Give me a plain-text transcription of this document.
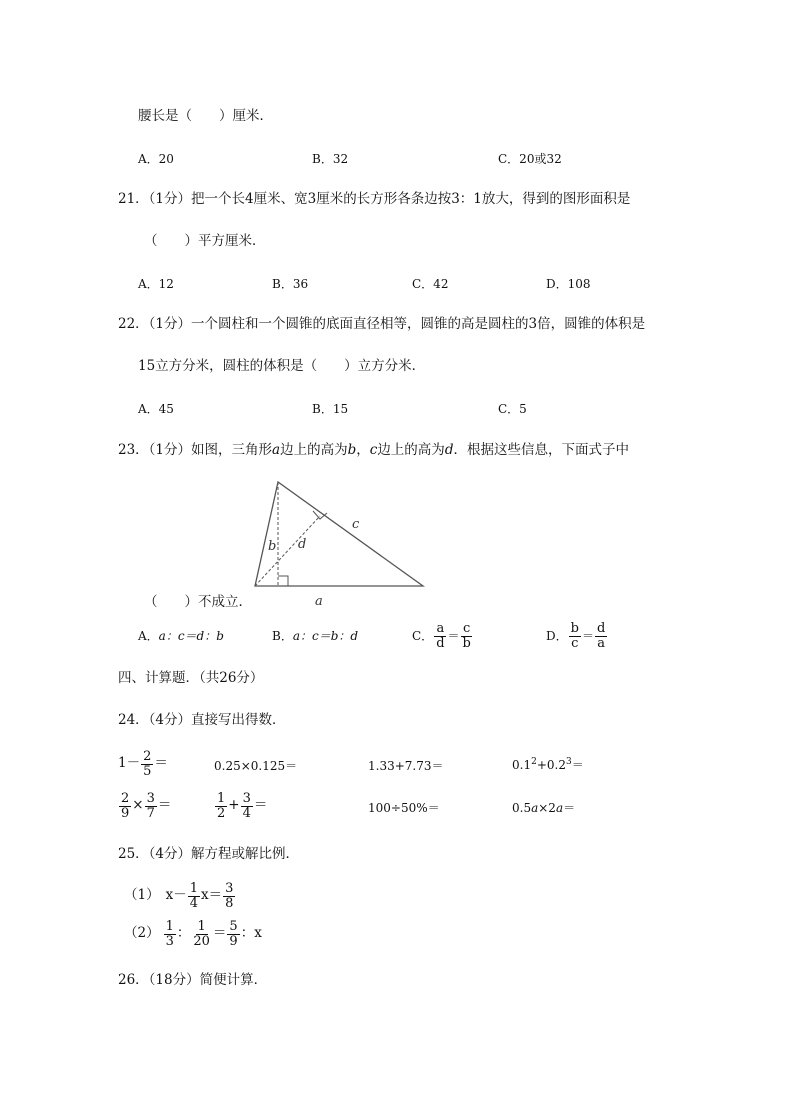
腰长是（　　）厘米．
A．20	B．32	C．20或32
21．（1分）把一个长4厘米、宽3厘米的长方形各条边按3：1放大，得到的图形面积是
（　　）平方厘米．
A．12	B．36	C．42	D．108
22．（1分）一个圆柱和一个圆锥的底面直径相等，圆锥的高是圆柱的3倍，圆锥的体积是
15立方分米，圆柱的体积是（　　）立方分米．
A．45	B．15	C．5
23．（1分）如图，三角形a边上的高为b，c边上的高为d．根据这些信息，下面式子中
b d
c
a
（　　）不成立．
A．a：c＝d：b	B．a：c＝b：d	C． $\frac{a}{d} = \frac{c}{b}$	D． $\frac{b}{c} = \frac{d}{a}$
四、计算题．（共26分）
24．（4分）直接写出得数．
$1- \frac{2}{5}$ ＝	0.25×0.125＝	1.33+7.73＝	$0.1^2+0.2^3=$
$\frac{2}{9} \times \frac{3}{7}$ ＝	$\frac{1}{2} + \frac{3}{4}$ ＝	100÷50%＝	0.5a×2a＝
25．（4分）解方程或解比例．
（1） $x- \frac{1}{4} x= \frac{3}{8}$
$(2) \frac{1}{3}$ ： $\frac{1}{20} = \frac{5}{9}$ ：x
26．（18分）简便计算．
